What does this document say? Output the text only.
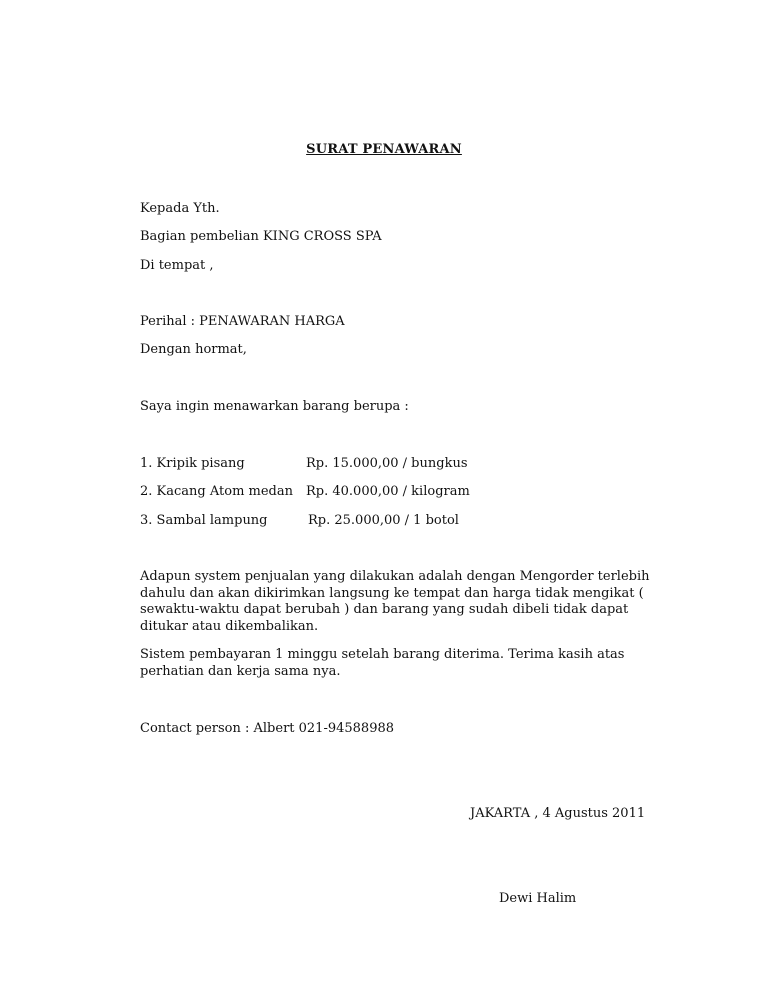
SURAT PENAWARAN
Kepada Yth.
Bagian pembelian KING CROSS SPA
Di tempat ,
Perihal : PENAWARAN HARGA
Dengan hormat,
Saya ingin menawarkan barang berupa :
1. Kripik pisang	Rp. 15.000,00 / bungkus
2. Kacang Atom medan Rp. 40.000,00 / kilogram
3. Sambal lampung	Rp. 25.000,00 / 1 botol
Adapun system penjualan yang dilakukan adalah dengan Mengorder terlebih
dahulu dan akan dikirimkan langsung ke tempat dan harga tidak mengikat (
sewaktu-waktu dapat berubah ) dan barang yang sudah dibeli tidak dapat
ditukar atau dikembalikan.
Sistem pembayaran 1 minggu setelah barang diterima. Terima kasih atas
perhatian dan kerja sama nya.
Contact person : Albert 021-94588988
JAKARTA , 4 Agustus 2011
Dewi Halim
